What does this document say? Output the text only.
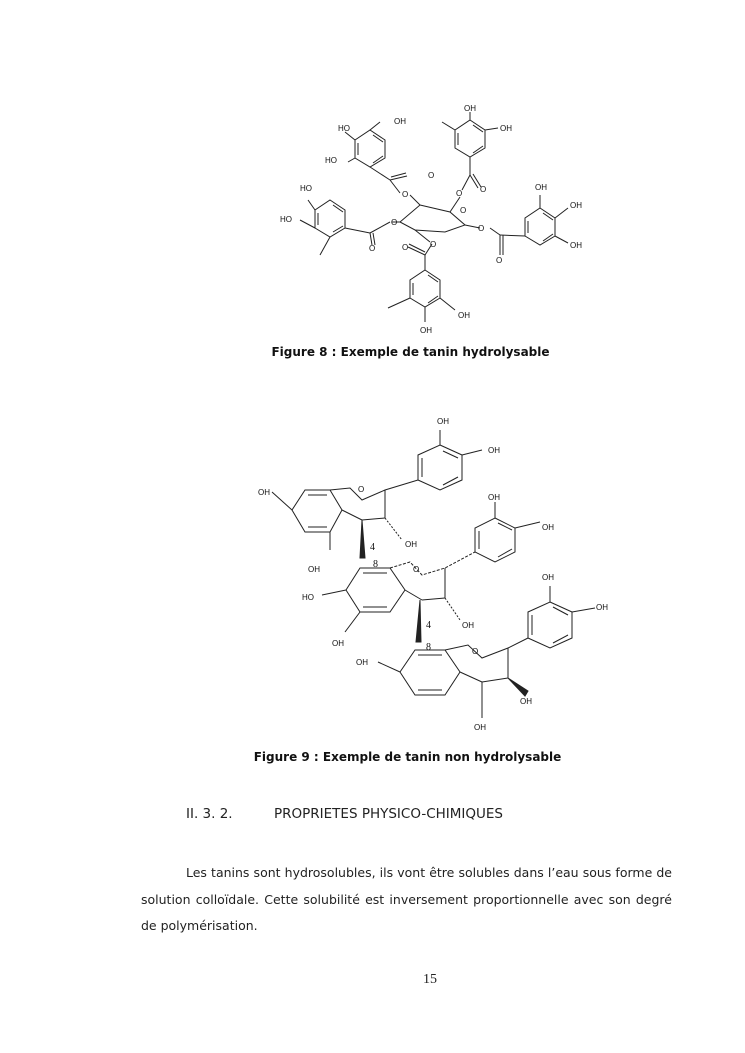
HO
OH
HO
OH
OH
HO
HO
OH
OH
OH
OH
OH
O
O
O O
O
O
O	O
O
O
O
Figure 8 : Exemple de tanin hydrolysable
OH
OH
OH	O
OH
OH
OH
OH
4
8
OH
HO
O
OH
OH
OH
4
OH
8	O
OH
OH
Figure 9 : Exemple de tanin non hydrolysable
II. 3. 2.	PROPRIETES PHYSICO-CHIMIQUES

Les tanins sont hydrosolubles, ils vont être solubles dans l’eau sous forme de solution colloïdale. Cette solubilité est inversement proportionnelle avec son degré de polymérisation.

15
